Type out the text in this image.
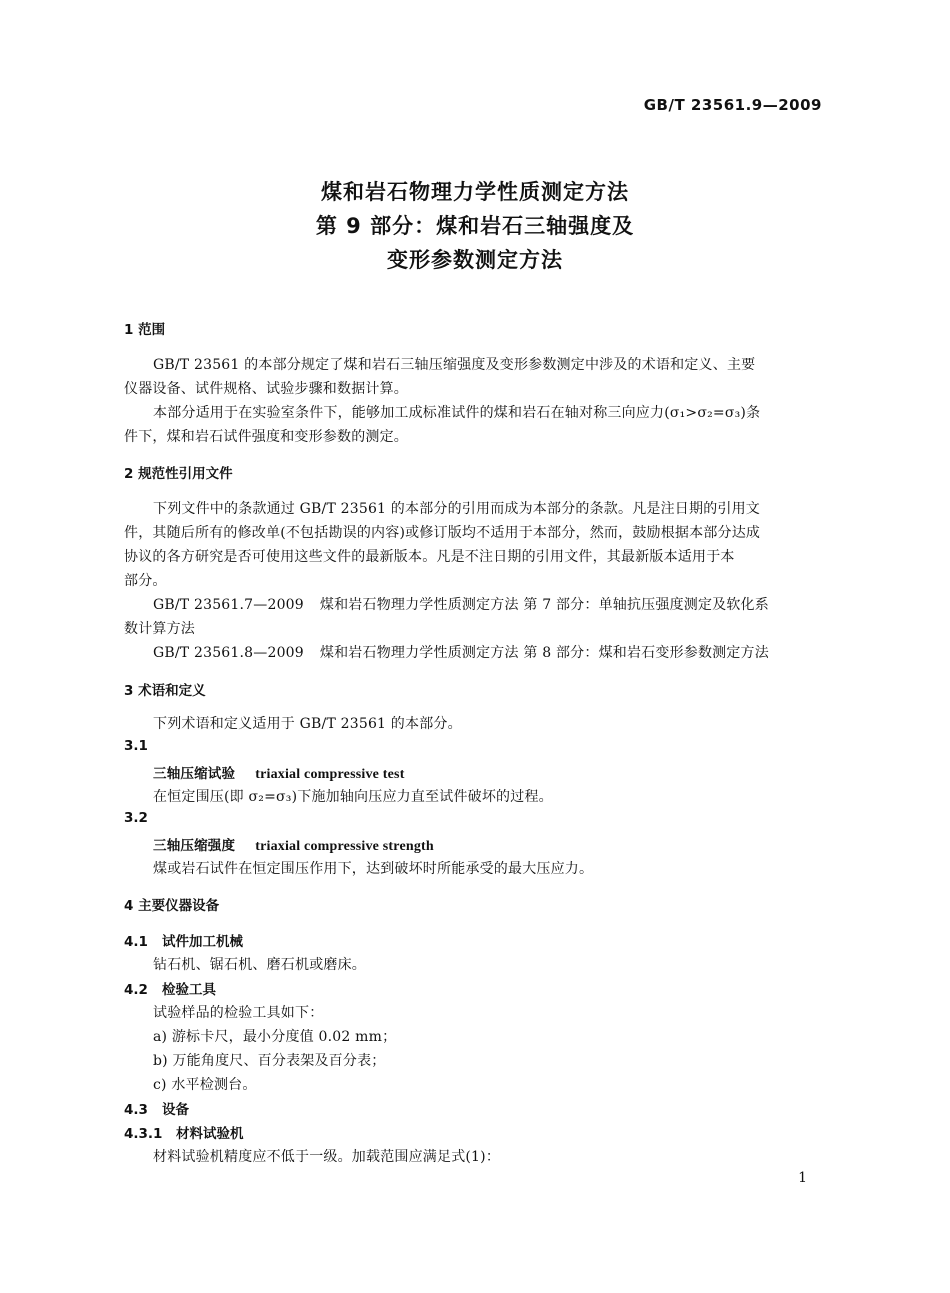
GB/T 23561.9—2009
煤和岩石物理力学性质测定方法
第 9 部分：煤和岩石三轴强度及
变形参数测定方法
1 范围
GB/T 23561 的本部分规定了煤和岩石三轴压缩强度及变形参数测定中涉及的术语和定义、主要
仪器设备、试件规格、试验步骤和数据计算。
本部分适用于在实验室条件下，能够加工成标准试件的煤和岩石在轴对称三向应力(σ₁>σ₂=σ₃)条
件下，煤和岩石试件强度和变形参数的测定。
2 规范性引用文件
下列文件中的条款通过 GB/T 23561 的本部分的引用而成为本部分的条款。凡是注日期的引用文
件，其随后所有的修改单(不包括勘误的内容)或修订版均不适用于本部分，然而，鼓励根据本部分达成
协议的各方研究是否可使用这些文件的最新版本。凡是不注日期的引用文件，其最新版本适用于本
部分。
GB/T 23561.7—2009 煤和岩石物理力学性质测定方法 第 7 部分：单轴抗压强度测定及软化系
数计算方法
GB/T 23561.8—2009 煤和岩石物理力学性质测定方法 第 8 部分：煤和岩石变形参数测定方法
3 术语和定义
下列术语和定义适用于 GB/T 23561 的本部分。
3.1
三轴压缩试验 triaxial compressive test
在恒定围压(即 σ₂=σ₃)下施加轴向压应力直至试件破坏的过程。
3.2
三轴压缩强度 triaxial compressive strength
煤或岩石试件在恒定围压作用下，达到破坏时所能承受的最大压应力。
4 主要仪器设备
4.1 试件加工机械
钻石机、锯石机、磨石机或磨床。
4.2 检验工具
试验样品的检验工具如下：
a) 游标卡尺，最小分度值 0.02 mm；
b) 万能角度尺、百分表架及百分表；
c) 水平检测台。
4.3 设备
4.3.1 材料试验机
材料试验机精度应不低于一级。加载范围应满足式(1)：
1
